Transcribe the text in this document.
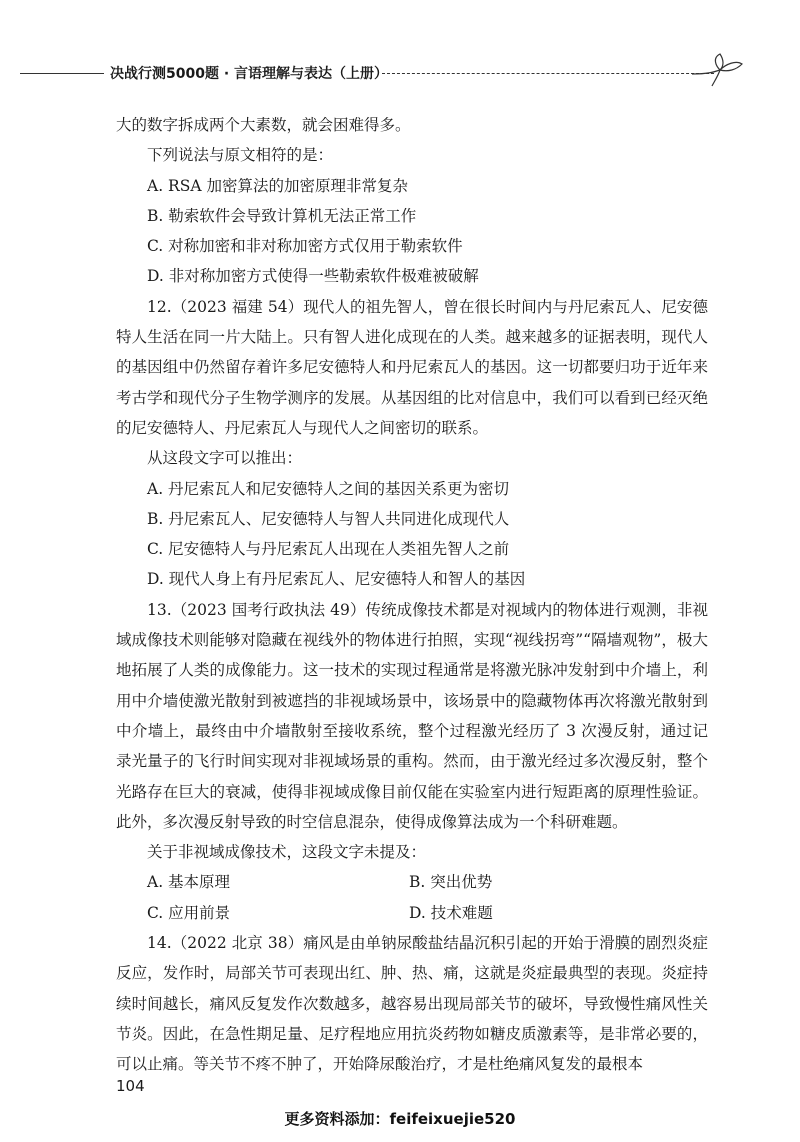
决战行测5000题 · 言语理解与表达（上册）

大的数字拆成两个大素数，就会困难得多。

下列说法与原文相符的是：

A. RSA 加密算法的加密原理非常复杂

B. 勒索软件会导致计算机无法正常工作

C. 对称加密和非对称加密方式仅用于勒索软件

D. 非对称加密方式使得一些勒索软件极难被破解

12.（2023 福建 54）现代人的祖先智人，曾在很长时间内与丹尼索瓦人、尼安德特人生活在同一片大陆上。只有智人进化成现在的人类。越来越多的证据表明，现代人的基因组中仍然留存着许多尼安德特人和丹尼索瓦人的基因。这一切都要归功于近年来考古学和现代分子生物学测序的发展。从基因组的比对信息中，我们可以看到已经灭绝的尼安德特人、丹尼索瓦人与现代人之间密切的联系。

从这段文字可以推出：

A. 丹尼索瓦人和尼安德特人之间的基因关系更为密切

B. 丹尼索瓦人、尼安德特人与智人共同进化成现代人

C. 尼安德特人与丹尼索瓦人出现在人类祖先智人之前

D. 现代人身上有丹尼索瓦人、尼安德特人和智人的基因

13.（2023 国考行政执法 49）传统成像技术都是对视域内的物体进行观测，非视域成像技术则能够对隐藏在视线外的物体进行拍照，实现“视线拐弯”“隔墙观物”，极大地拓展了人类的成像能力。这一技术的实现过程通常是将激光脉冲发射到中介墙上，利用中介墙使激光散射到被遮挡的非视域场景中，该场景中的隐藏物体再次将激光散射到中介墙上，最终由中介墙散射至接收系统，整个过程激光经历了 3 次漫反射，通过记录光量子的飞行时间实现对非视域场景的重构。然而，由于激光经过多次漫反射，整个光路存在巨大的衰减，使得非视域成像目前仅能在实验室内进行短距离的原理性验证。此外，多次漫反射导致的时空信息混杂，使得成像算法成为一个科研难题。

关于非视域成像技术，这段文字未提及：

A. 基本原理	B. 突出优势
C. 应用前景	D. 技术难题

14.（2022 北京 38）痛风是由单钠尿酸盐结晶沉积引起的开始于滑膜的剧烈炎症反应，发作时，局部关节可表现出红、肿、热、痛，这就是炎症最典型的表现。炎症持续时间越长，痛风反复发作次数越多，越容易出现局部关节的破坏，导致慢性痛风性关节炎。因此，在急性期足量、足疗程地应用抗炎药物如糖皮质激素等，是非常必要的，可以止痛。等关节不疼不肿了，开始降尿酸治疗，才是杜绝痛风复发的最根本

104
更多资料添加：feifeixuejie520
